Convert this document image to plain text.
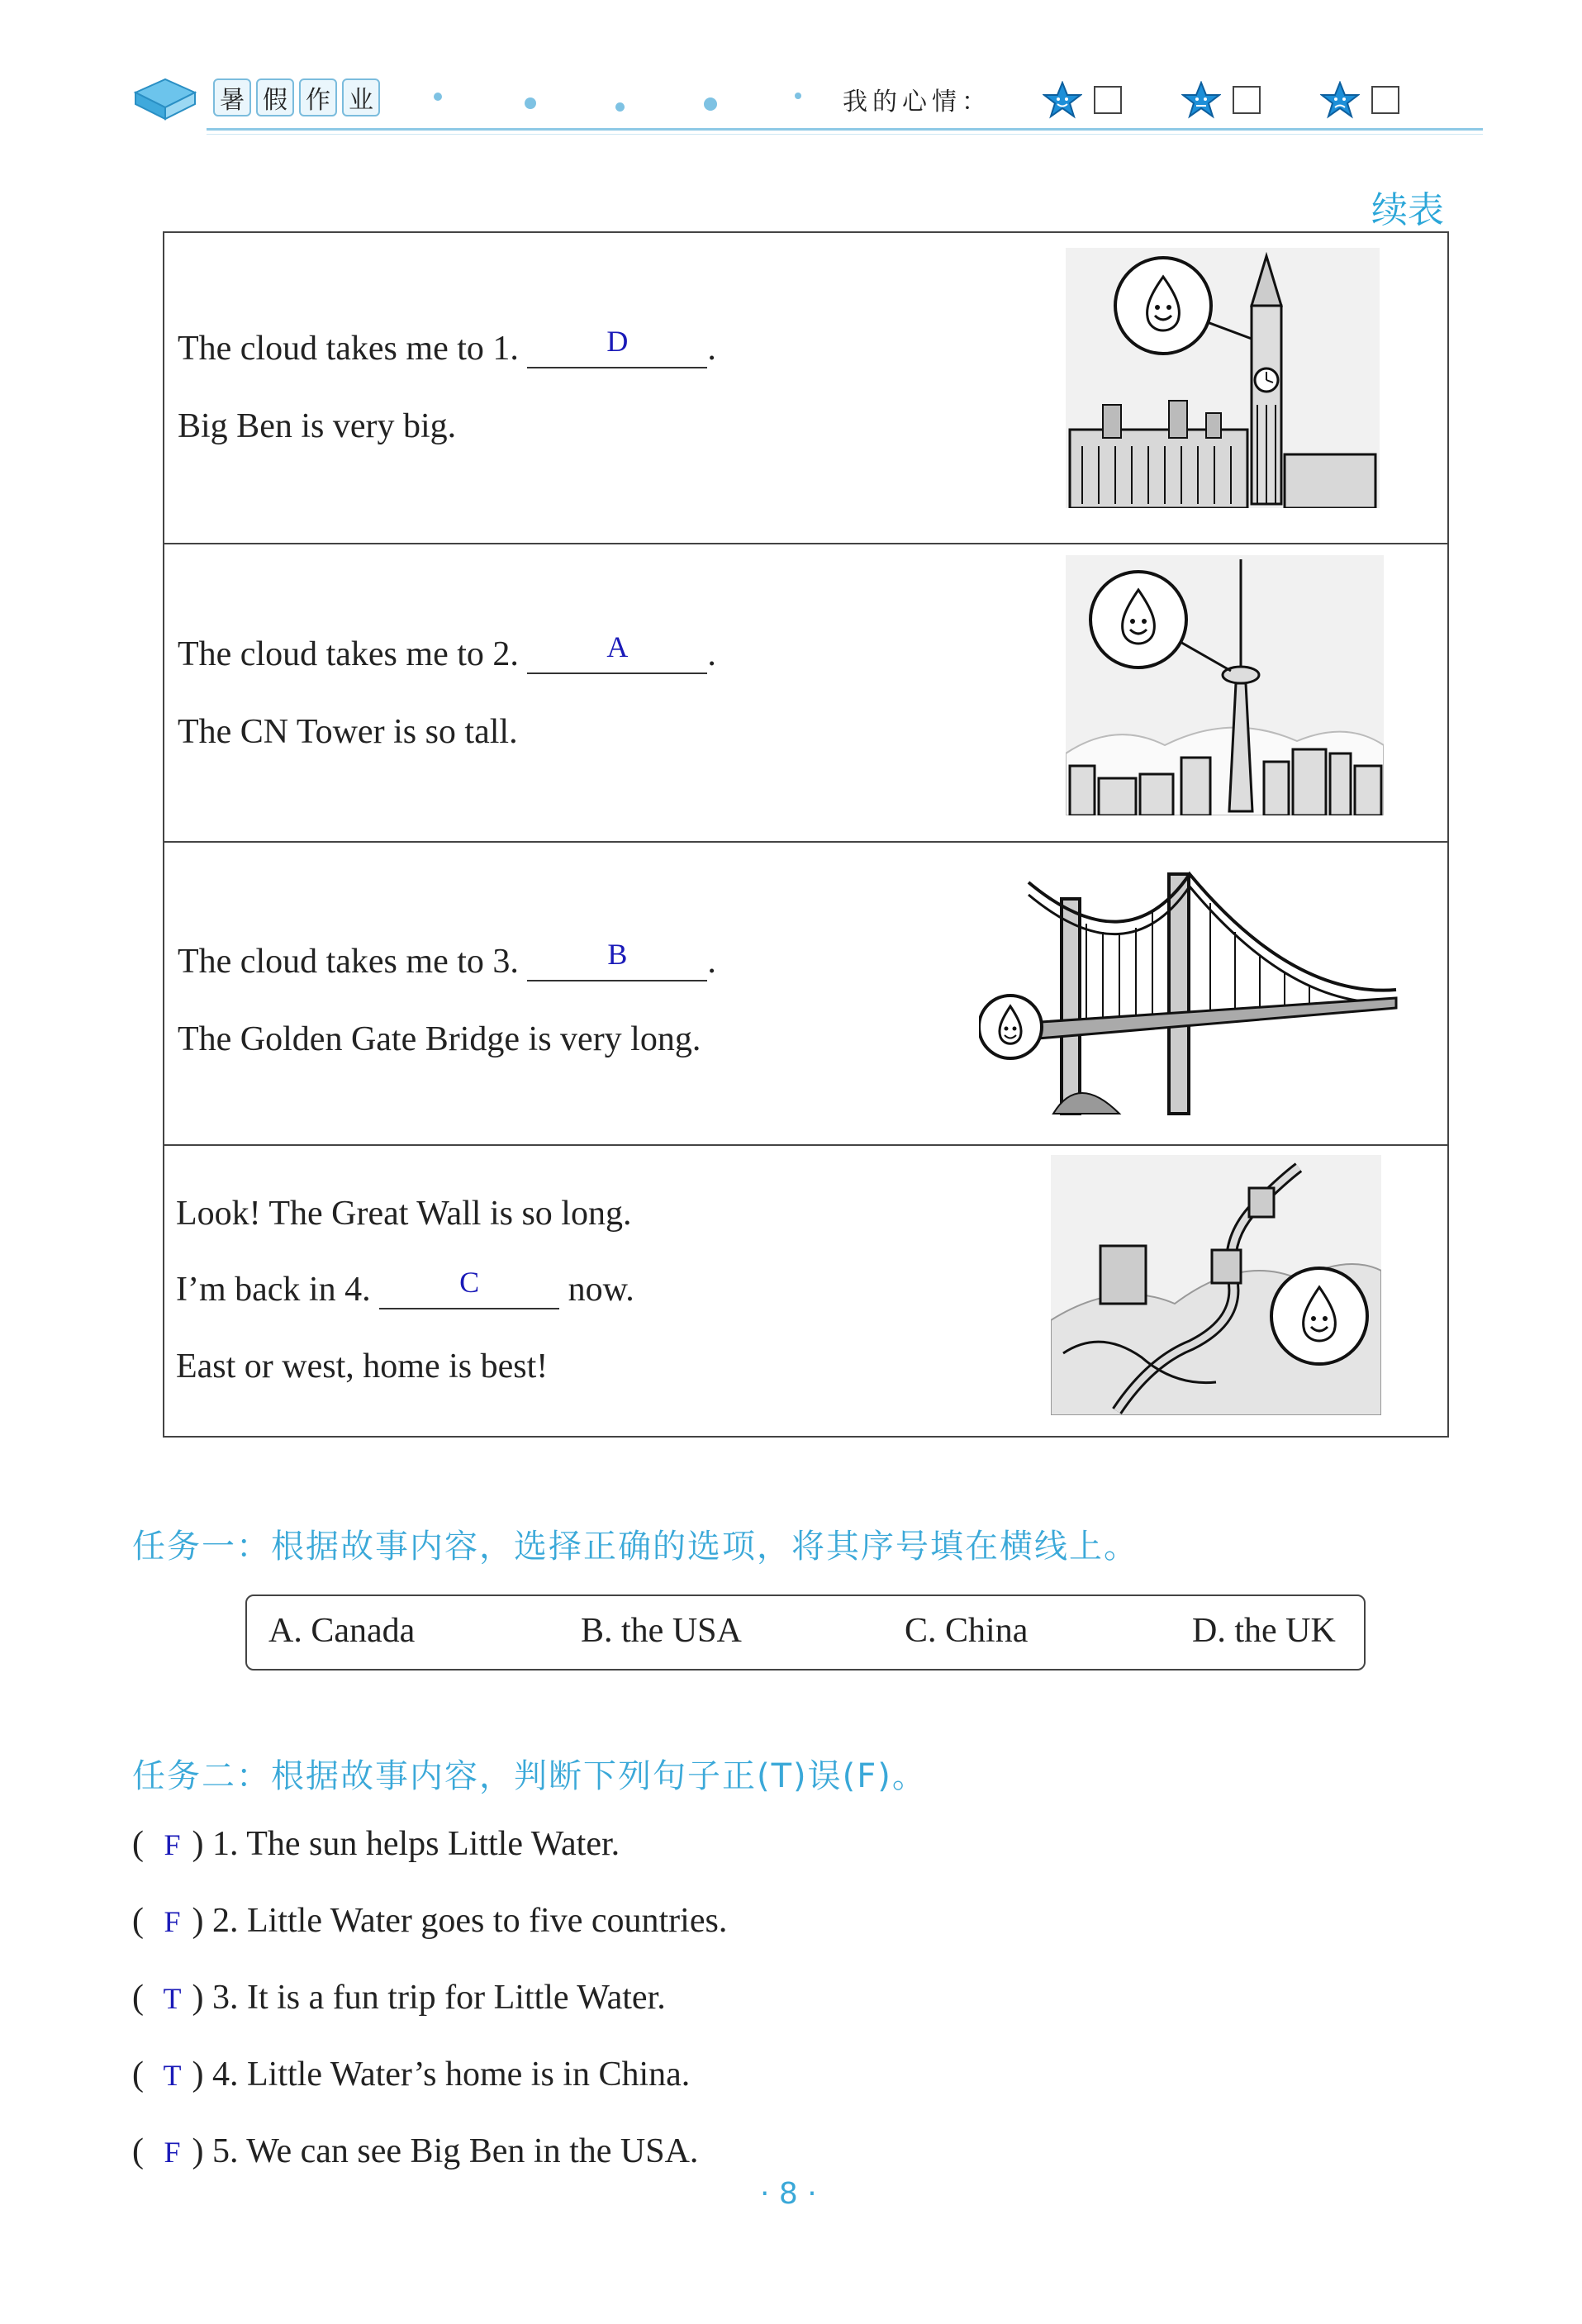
暑 假 作 业	我的心情：
续表
The cloud takes me to 1.	D	.
Big Ben is very big.
The cloud takes me to 2.	A	.
The CN Tower is so tall.
The cloud takes me to 3.	B	.
The Golden Gate Bridge is very long.
Look! The Great Wall is so long.
I’m back in 4.	C	now.
East or west, home is best!
任务一：根据故事内容，选择正确的选项，将其序号填在横线上。
A. Canada	B. the USA	C. China	D. the UK
任务二：根据故事内容，判断下列句子正(T)误(F)。
( F ) 1. The sun helps Little Water.
( F ) 2. Little Water goes to five countries.
( T ) 3. It is a fun trip for Little Water.
( T ) 4. Little Water’s home is in China.
( F ) 5. We can see Big Ben in the USA.
· 8 ·
